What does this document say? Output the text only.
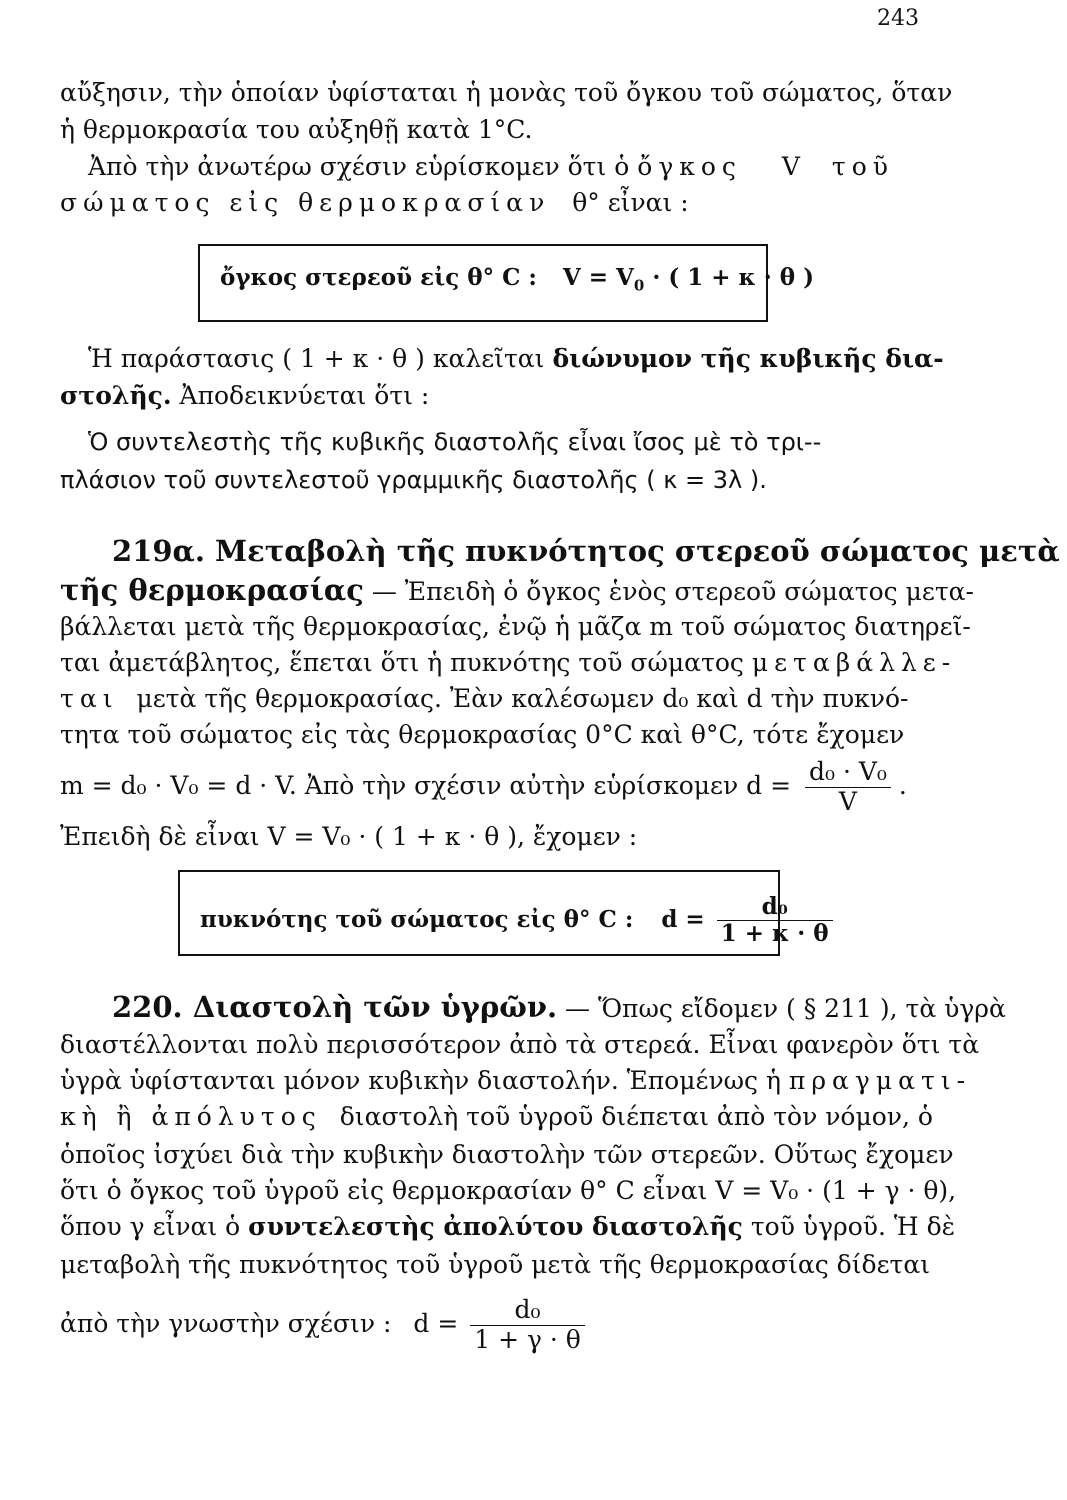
243
αὔξησιν, τὴν ὁποίαν ὑφίσταται ἡ μονὰς τοῦ ὄγκου τοῦ σώματος, ὅταν
ἡ θερμοκρασία του αὐξηθῇ κατὰ 1°C.
Ἀπὸ τὴν ἀνωτέρω σχέσιν εὑρίσκομεν ὅτι ὁ ὄγκος V τοῦ
σώματος εἰς θερμοκρασίαν θ° εἶναι :
ὄγκος στερεοῦ εἰς θ° C : $V = V_0$ · ( 1 + κ · θ )
Ἡ παράστασις ( 1 + κ · θ ) καλεῖται διώνυμον τῆς κυβικῆς δια-
στολῆς. Ἀποδεικνύεται ὅτι :
Ὁ συντελεστὴς τῆς κυβικῆς διαστολῆς εἶναι ἴσος μὲ τὸ τρι--
πλάσιον τοῦ συντελεστοῦ γραμμικῆς διαστολῆς ( κ = 3λ ).
219α. Μεταβολὴ τῆς πυκνότητος στερεοῦ σώματος μετὰ
τῆς θερμοκρασίας — Ἐπειδὴ ὁ ὄγκος ἑνὸς στερεοῦ σώματος μετα-
βάλλεται μετὰ τῆς θερμοκρασίας, ἐνῷ ἡ μᾶζα m τοῦ σώματος διατηρεῖ-
ται ἀμετάβλητος, ἕπεται ὅτι ἡ πυκνότης τοῦ σώματος μεταβάλλε-
ται μετὰ τῆς θερμοκρασίας. Ἐὰν καλέσωμεν d₀ καὶ d τὴν πυκνό-
τητα τοῦ σώματος εἰς τὰς θερμοκρασίας 0°C καὶ θ°C, τότε ἔχομεν
m = d₀ · V₀ = d · V. Ἀπὸ τὴν σχέσιν αὐτὴν εὑρίσκομεν $d = \frac{\text{d₀ · V₀}}{V}$ .
Ἐπειδὴ δὲ εἶναι V = V₀ · ( 1 + κ · θ ), ἔχομεν :
πυκνότης τοῦ σώματος εἰς θ° C : $d = \frac{\text{d₀}}{1 + \kappa \cdot \theta}$
220. Διαστολὴ τῶν ὑγρῶν. — Ὅπως εἴδομεν ( § 211 ), τὰ ὑγρὰ
διαστέλλονται πολὺ περισσότερον ἀπὸ τὰ στερεά. Εἶναι φανερὸν ὅτι τὰ
ὑγρὰ ὑφίστανται μόνον κυβικὴν διαστολήν. Ἑπομένως ἡ πραγματι-
κὴ ἢ ἀπόλυτος διαστολὴ τοῦ ὑγροῦ διέπεται ἀπὸ τὸν νόμον, ὁ
ὁποῖος ἰσχύει διὰ τὴν κυβικὴν διαστολὴν τῶν στερεῶν. Οὕτως ἔχομεν
ὅτι ὁ ὄγκος τοῦ ὑγροῦ εἰς θερμοκρασίαν θ° C εἶναι V = V₀ · (1 + γ · θ),
ὅπου γ εἶναι ὁ συντελεστὴς ἀπολύτου διαστολῆς τοῦ ὑγροῦ. Ἡ δὲ
μεταβολὴ τῆς πυκνότητος τοῦ ὑγροῦ μετὰ τῆς θερμοκρασίας δίδεται
ἀπὸ τὴν γνωστὴν σχέσιν : $d = \frac{\text{d₀}}{1 + \gamma \cdot \theta}$
